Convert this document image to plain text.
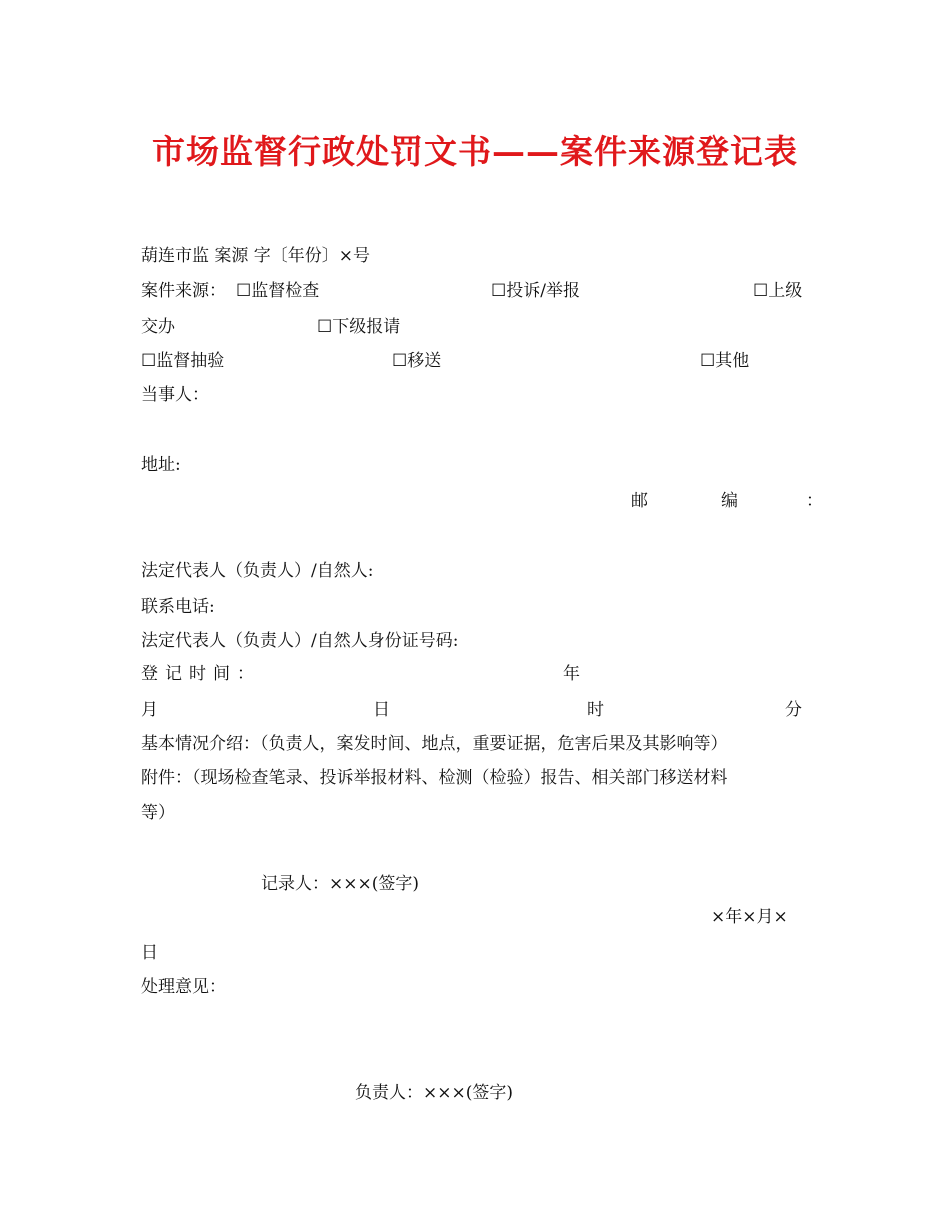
市场监督行政处罚文书——案件来源登记表
葫连市监 案源 字〔年份〕×号
案件来源： ☐监督检查	☐投诉/举报	☐上级
交办	☐下级报请
☐监督抽验	☐移送	☐其他
当事人：
地址:
邮	编	：
法定代表人（负责人）/自然人:
联系电话:
法定代表人（负责人）/自然人身份证号码:
登记时间：	年
月	日	时	分
基本情况介绍：（负责人，案发时间、地点，重要证据，危害后果及其影响等）
附件：（现场检查笔录、投诉举报材料、检测（检验）报告、相关部门移送材料
等）
记录人：×××(签字)
×年×月×
日
处理意见：
负责人：×××(签字)
